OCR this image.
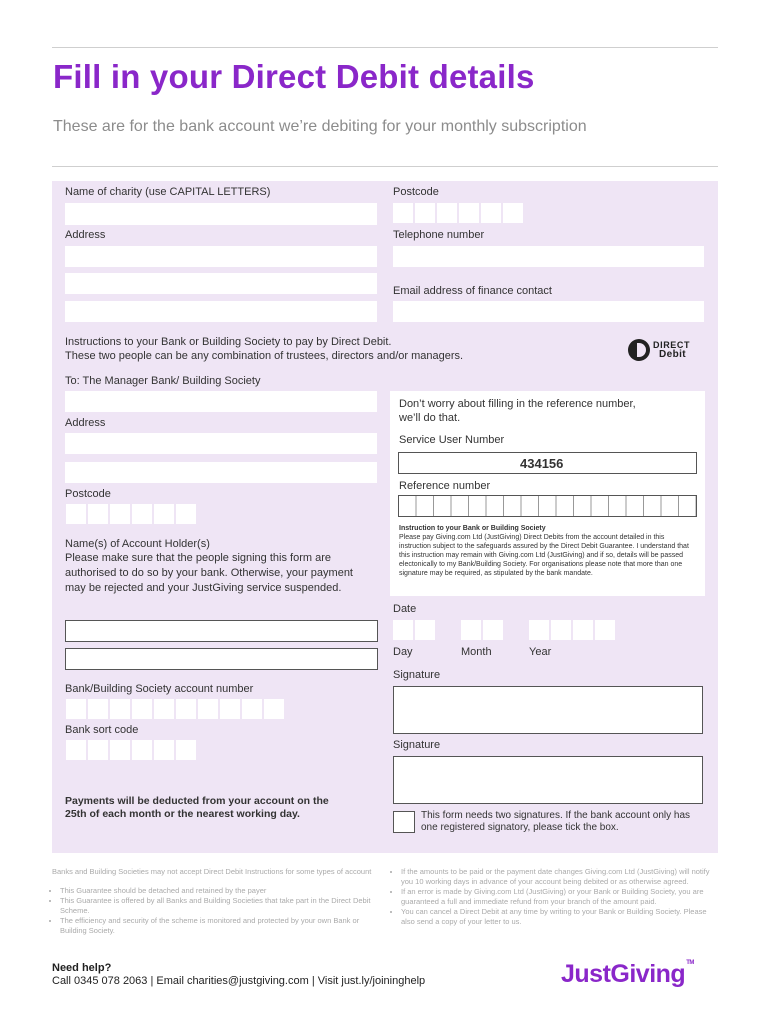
Fill in your Direct Debit details
These are for the bank account we’re debiting for your monthly subscription
Name of charity (use CAPITAL LETTERS)	Postcode
Address	Telephone number
Email address of finance contact
Instructions to your Bank or Building Society to pay by Direct Debit.
These two people can be any combination of trustees, directors and/or managers.
DIRECT
Debit
To: The Manager Bank/ Building Society
Address
Postcode
Don’t worry about filling in the reference number,
we’ll do that.
Service User Number
434156
Reference number
Instruction to your Bank or Building Society
Please pay Giving.com Ltd (JustGiving) Direct Debits from the account detailed in this instruction subject to the safeguards assured by the Direct Debit Guarantee. I understand that this instruction may remain with Giving.com Ltd (JustGiving) and if so, details will be passed electonically to my Bank/Building Society. For organisations please note that more than one signature may be required, as stipulated by the bank mandate.
Name(s) of Account Holder(s)
Please make sure that the people signing this form are authorised to do so by your bank. Otherwise, your payment may be rejected and your JustGiving service suspended.
Date
Day	Month	Year
Bank/Building Society account number
Bank sort code
Signature
Signature
Payments will be deducted from your account on the 25th of each month or the nearest working day.	This form needs two signatures. If the bank account only has one registered signatory, please tick the box.
Banks and Building Societies may not accept Direct Debit Instructions for some types of account
• This Guarantee should be detached and retained by the payer
• This Guarantee is offered by all Banks and Building Societies that take part in the Direct Debit Scheme.
• The efficiency and security of the scheme is monitored and protected by your own Bank or Building Society.
• If the amounts to be paid or the payment date changes Giving.com Ltd (JustGiving) will notify you 10 working days in advance of your account being debited or as otherwise agreed.
• If an error is made by Giving.com Ltd (JustGiving) or your Bank or Building Society, you are guaranteed a full and immediate refund from your branch of the amount paid.
• You can cancel a Direct Debit at any time by writing to your Bank or Building Society. Please also send a copy of your letter to us.
Need help?
Call 0345 078 2063 | Email charities@justgiving.com | Visit just.ly/joininghelp	JustGiving™
